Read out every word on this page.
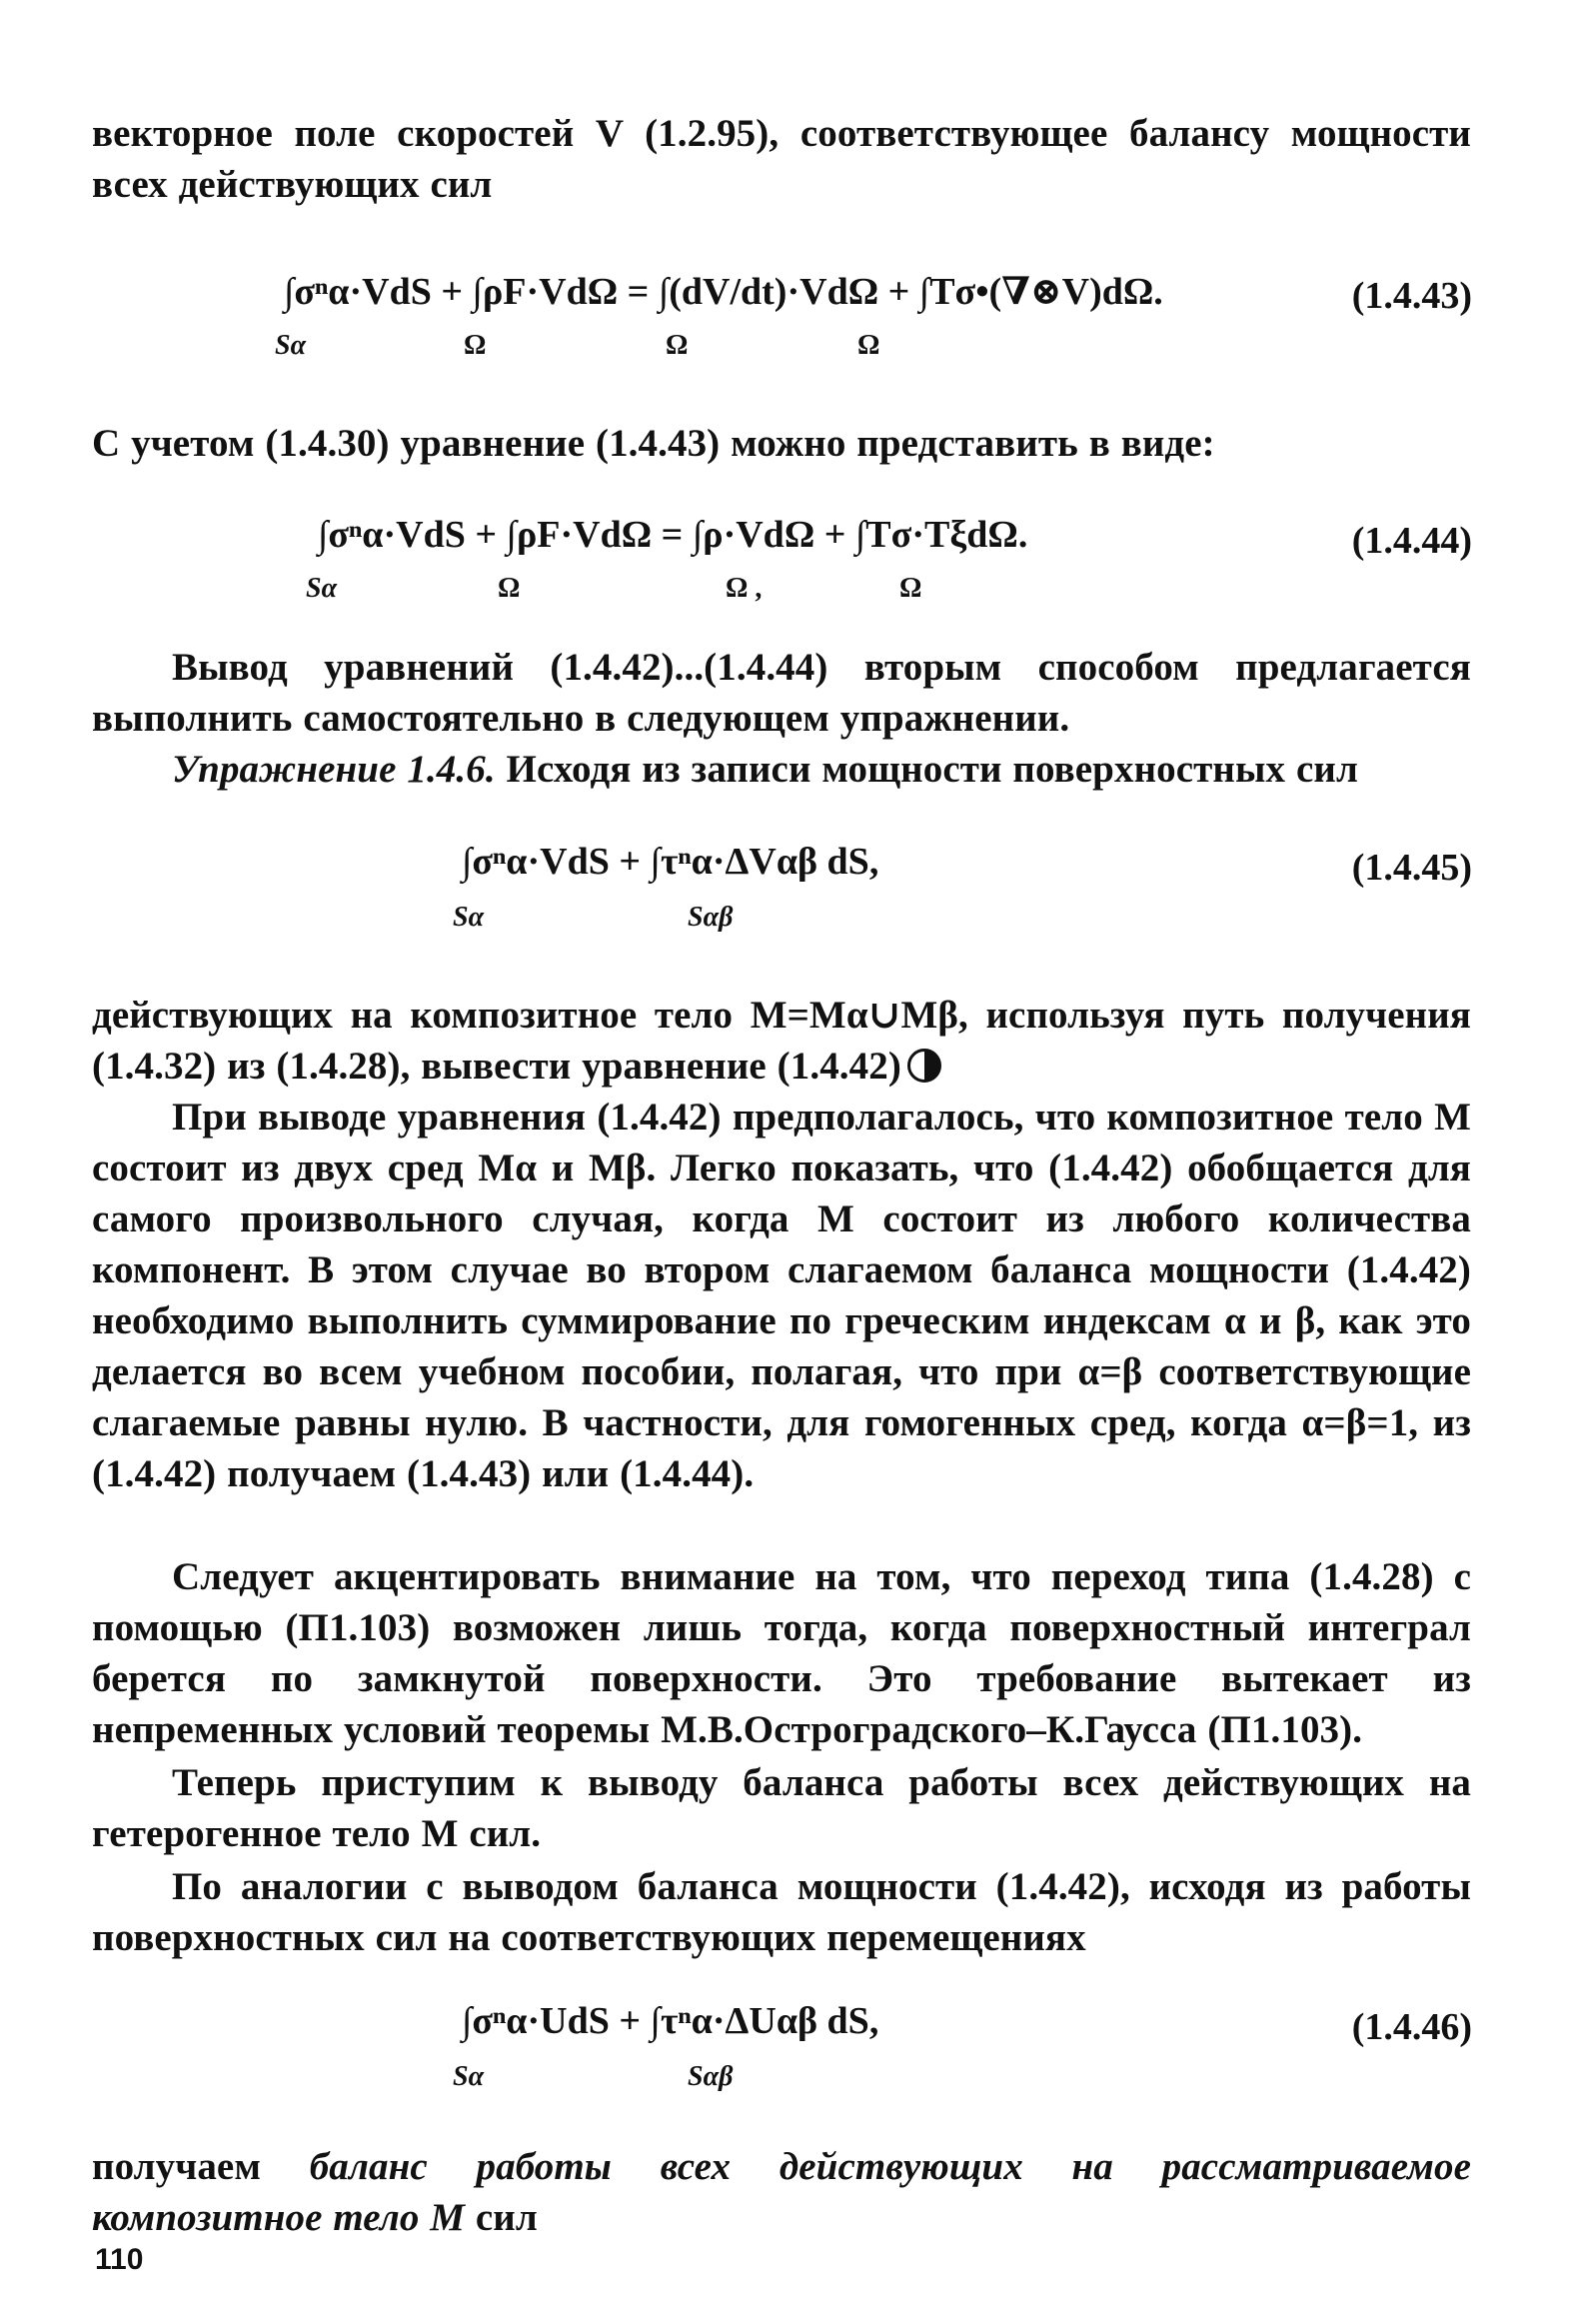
векторное поле скоростей V (1.2.95), соответствующее балансу мощности всех действующих сил
∫σⁿα·VdS + ∫ρF·VdΩ = ∫(dV/dt)·VdΩ + ∫Tσ•(∇⊗V)dΩ.
Sα	Ω	Ω	Ω
(1.4.43)
С учетом (1.4.30) уравнение (1.4.43) можно представить в виде:
∫σⁿα·VdS + ∫ρF·VdΩ = ∫ρ·VdΩ + ∫Tσ·TξdΩ.
Sα	Ω	Ω ,	Ω
(1.4.44)
Вывод уравнений (1.4.42)...(1.4.44) вторым способом предлагается выполнить самостоятельно в следующем упражнении.
Упражнение 1.4.6. Исходя из записи мощности поверхностных сил
∫σⁿα·VdS + ∫τⁿα·ΔVαβ dS,
Sα	Sαβ
(1.4.45)
действующих на композитное тело M=Mα∪Mβ, используя путь получения (1.4.32) из (1.4.28), вывести уравнение (1.4.42)
При выводе уравнения (1.4.42) предполагалось, что композитное тело M состоит из двух сред Mα и Mβ. Легко показать, что (1.4.42) обобщается для самого произвольного случая, когда M состоит из любого количества компонент. В этом случае во втором слагаемом баланса мощности (1.4.42) необходимо выполнить суммирование по греческим индексам α и β, как это делается во всем учебном пособии, полагая, что при α=β соответствующие слагаемые равны нулю. В частности, для гомогенных сред, когда α=β=1, из (1.4.42) получаем (1.4.43) или (1.4.44).
Следует акцентировать внимание на том, что переход типа (1.4.28) с помощью (П1.103) возможен лишь тогда, когда поверхностный интеграл берется по замкнутой поверхности. Это требование вытекает из непременных условий теоремы М.В.Остроградского–К.Гаусса (П1.103).
Теперь приступим к выводу баланса работы всех действующих на гетерогенное тело M сил.
По аналогии с выводом баланса мощности (1.4.42), исходя из работы поверхностных сил на соответствующих перемещениях
∫σⁿα·UdS + ∫τⁿα·ΔUαβ dS,
Sα	Sαβ
(1.4.46)
получаем баланс работы всех действующих на рассматриваемое композитное тело M сил
110
